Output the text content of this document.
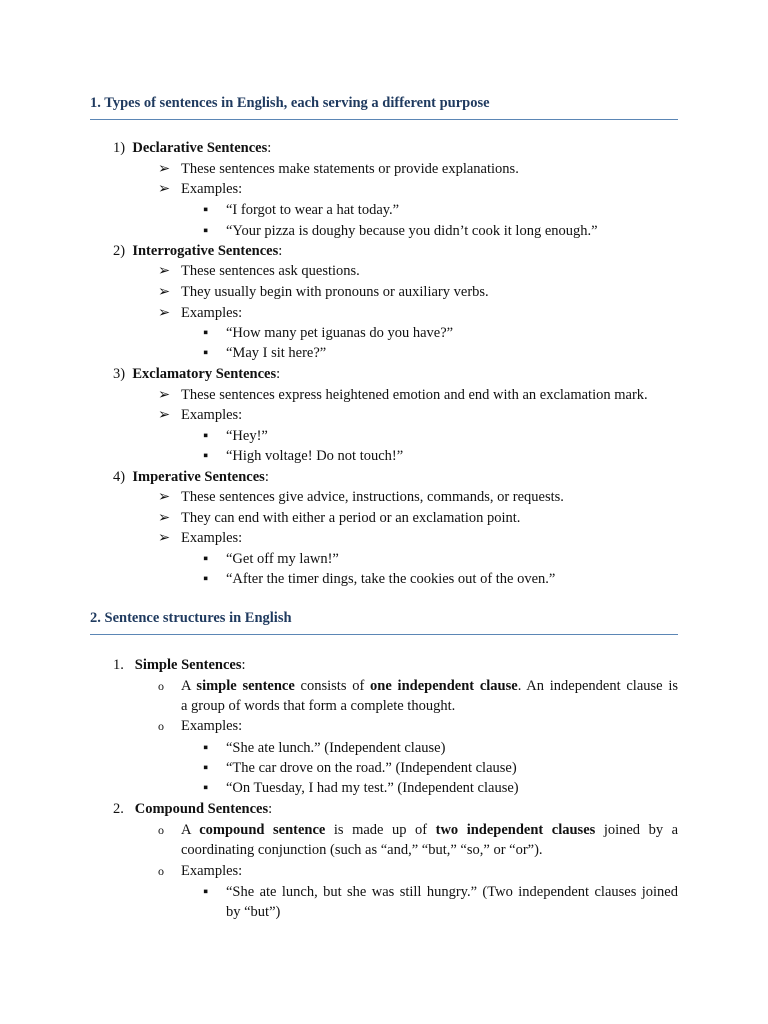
1. Types of sentences in English, each serving a different purpose
1) Declarative Sentences:
➢ These sentences make statements or provide explanations.
➢ Examples:
▪ “I forgot to wear a hat today.”
▪ “Your pizza is doughy because you didn’t cook it long enough.”
2) Interrogative Sentences:
➢ These sentences ask questions.
➢ They usually begin with pronouns or auxiliary verbs.
➢ Examples:
▪ “How many pet iguanas do you have?”
▪ “May I sit here?”
3) Exclamatory Sentences:
➢ These sentences express heightened emotion and end with an exclamation mark.
➢ Examples:
▪ “Hey!”
▪ “High voltage! Do not touch!”
4) Imperative Sentences:
➢ These sentences give advice, instructions, commands, or requests.
➢ They can end with either a period or an exclamation point.
➢ Examples:
▪ “Get off my lawn!”
▪ “After the timer dings, take the cookies out of the oven.”
2. Sentence structures in English
1. Simple Sentences:
o A simple sentence consists of one independent clause. An independent clause is
a group of words that form a complete thought.
o Examples:
▪ “She ate lunch.” (Independent clause)
▪ “The car drove on the road.” (Independent clause)
▪ “On Tuesday, I had my test.” (Independent clause)
2. Compound Sentences:
o A compound sentence is made up of two independent clauses joined by a
coordinating conjunction (such as “and,” “but,” “so,” or “or”).
o Examples:
▪ “She ate lunch, but she was still hungry.” (Two independent clauses joined
by “but”)
